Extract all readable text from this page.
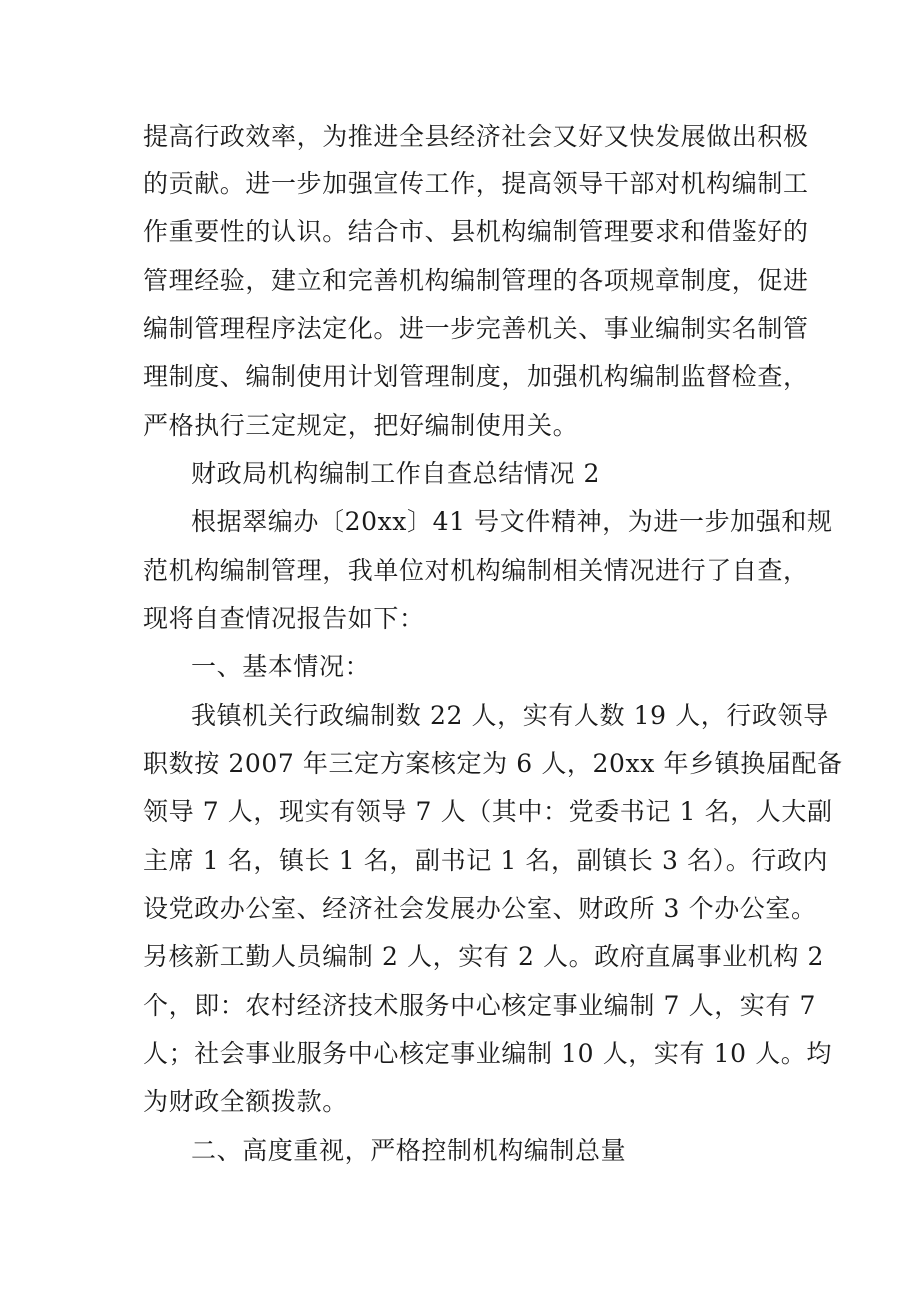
提高行政效率，为推进全县经济社会又好又快发展做出积极
的贡献。进一步加强宣传工作，提高领导干部对机构编制工
作重要性的认识。结合市、县机构编制管理要求和借鉴好的
管理经验，建立和完善机构编制管理的各项规章制度，促进
编制管理程序法定化。进一步完善机关、事业编制实名制管
理制度、编制使用计划管理制度，加强机构编制监督检查，
严格执行三定规定，把好编制使用关。
财政局机构编制工作自查总结情况 2
根据翠编办〔20xx〕41 号文件精神，为进一步加强和规
范机构编制管理，我单位对机构编制相关情况进行了自查，
现将自查情况报告如下：
一、基本情况：
我镇机关行政编制数 22 人，实有人数 19 人，行政领导
职数按 2007 年三定方案核定为 6 人，20xx 年乡镇换届配备
领导 7 人，现实有领导 7 人（其中：党委书记 1 名，人大副
主席 1 名，镇长 1 名，副书记 1 名，副镇长 3 名）。行政内
设党政办公室、经济社会发展办公室、财政所 3 个办公室。
另核新工勤人员编制 2 人，实有 2 人。政府直属事业机构 2
个，即：农村经济技术服务中心核定事业编制 7 人，实有 7
人；社会事业服务中心核定事业编制 10 人，实有 10 人。均
为财政全额拨款。
二、高度重视，严格控制机构编制总量
